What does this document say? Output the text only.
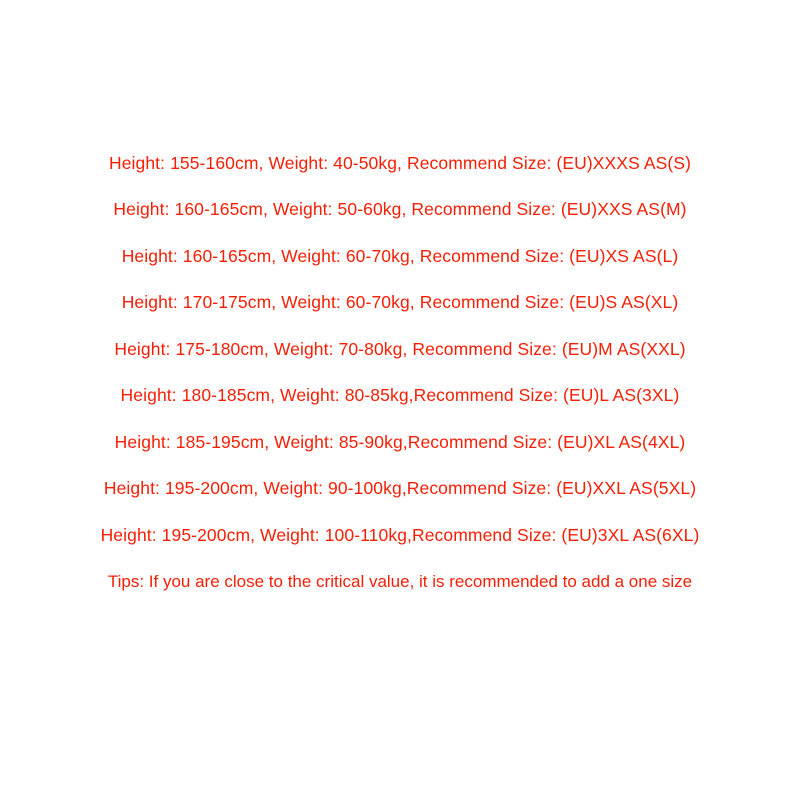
Height: 155-160cm, Weight: 40-50kg, Recommend Size: (EU)XXXS AS(S)
Height: 160-165cm, Weight: 50-60kg, Recommend Size: (EU)XXS AS(M)
Height: 160-165cm, Weight: 60-70kg, Recommend Size: (EU)XS AS(L)
Height: 170-175cm, Weight: 60-70kg, Recommend Size: (EU)S AS(XL)
Height: 175-180cm, Weight: 70-80kg, Recommend Size: (EU)M AS(XXL)
Height: 180-185cm, Weight: 80-85kg,Recommend Size: (EU)L AS(3XL)
Height: 185-195cm, Weight: 85-90kg,Recommend Size: (EU)XL AS(4XL)
Height: 195-200cm, Weight: 90-100kg,Recommend Size: (EU)XXL AS(5XL)
Height: 195-200cm, Weight: 100-110kg,Recommend Size: (EU)3XL AS(6XL)
Tips: If you are close to the critical value, it is recommended to add a one size
